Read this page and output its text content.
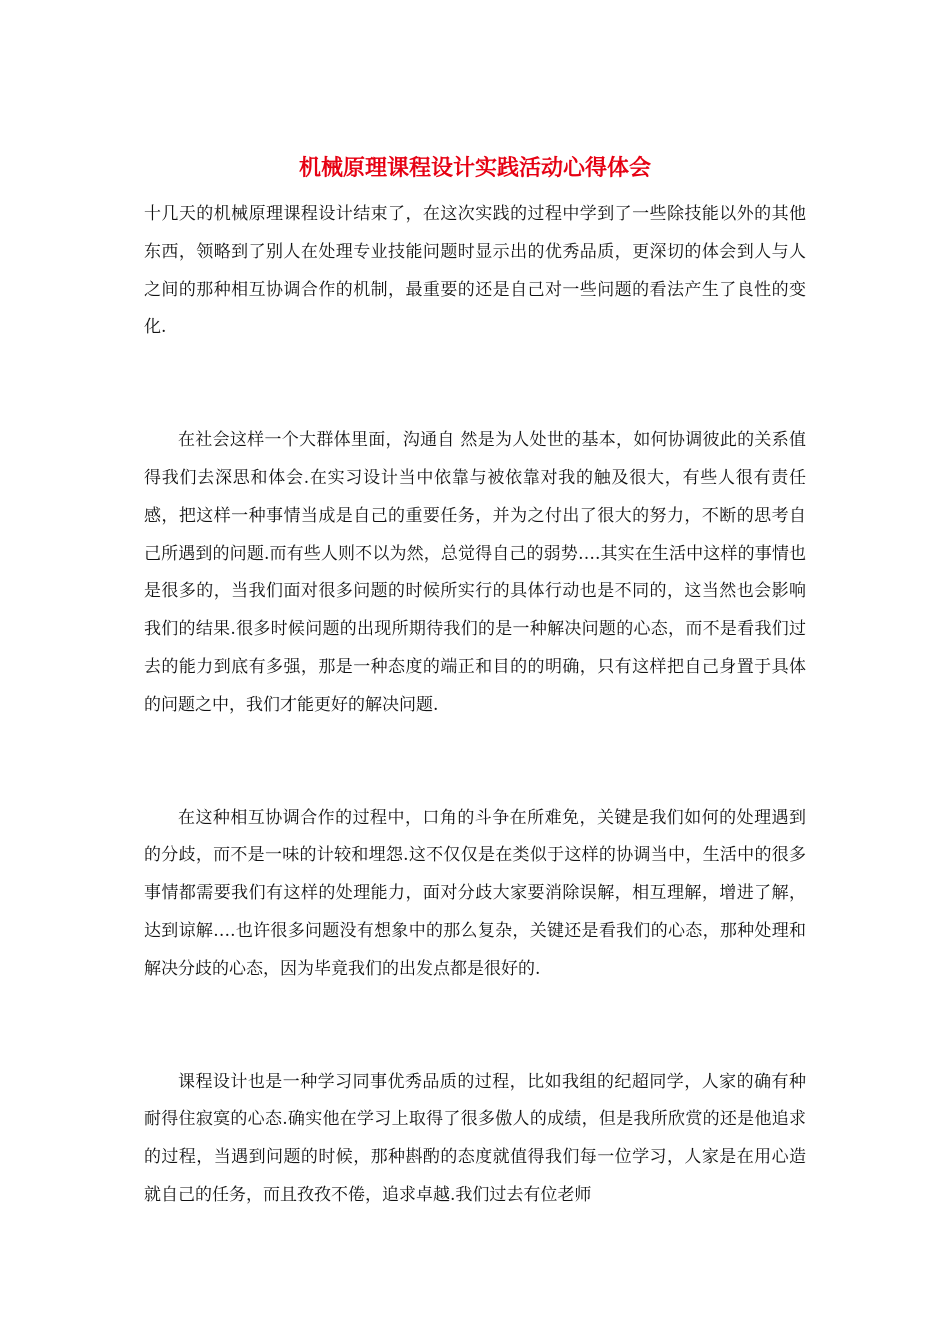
机械原理课程设计实践活动心得体会

十几天的机械原理课程设计结束了，在这次实践的过程中学到了一些除技能以外的其他东西，领略到了别人在处理专业技能问题时显示出的优秀品质，更深切的体会到人与人之间的那种相互协调合作的机制，最重要的还是自己对一些问题的看法产生了良性的变化.

在社会这样一个大群体里面，沟通自 然是为人处世的基本，如何协调彼此的关系值得我们去深思和体会.在实习设计当中依靠与被依靠对我的触及很大，有些人很有责任感，把这样一种事情当成是自己的重要任务，并为之付出了很大的努力，不断的思考自己所遇到的问题.而有些人则不以为然，总觉得自己的弱势….其实在生活中这样的事情也是很多的，当我们面对很多问题的时候所实行的具体行动也是不同的，这当然也会影响我们的结果.很多时候问题的出现所期待我们的是一种解决问题的心态，而不是看我们过去的能力到底有多强，那是一种态度的端正和目的的明确，只有这样把自己身置于具体的问题之中，我们才能更好的解决问题.

在这种相互协调合作的过程中，口角的斗争在所难免，关键是我们如何的处理遇到的分歧，而不是一味的计较和埋怨.这不仅仅是在类似于这样的协调当中，生活中的很多事情都需要我们有这样的处理能力，面对分歧大家要消除误解，相互理解，增进了解，达到谅解….也许很多问题没有想象中的那么复杂，关键还是看我们的心态，那种处理和解决分歧的心态，因为毕竟我们的出发点都是很好的.

课程设计也是一种学习同事优秀品质的过程，比如我组的纪超同学，人家的确有种耐得住寂寞的心态.确实他在学习上取得了很多傲人的成绩，但是我所欣赏的还是他追求的过程，当遇到问题的时候，那种斟酌的态度就值得我们每一位学习，人家是在用心造就自己的任务，而且孜孜不倦，追求卓越.我们过去有位老师
